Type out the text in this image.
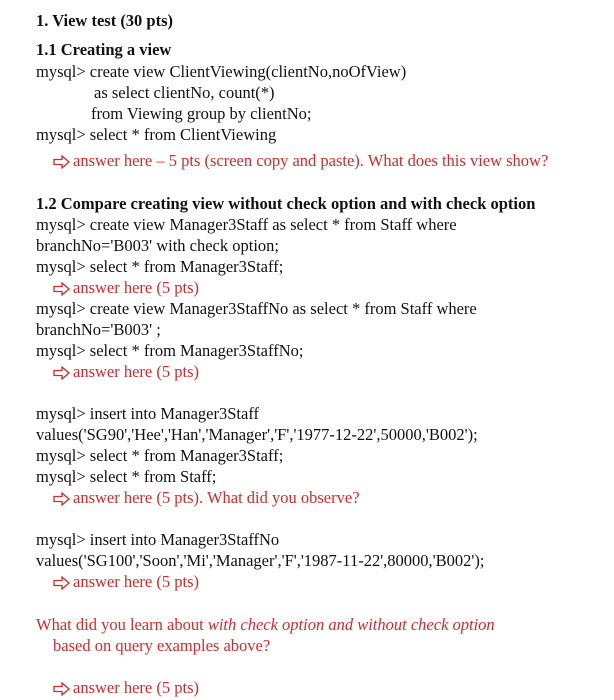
1. View test (30 pts)
1.1 Creating a view
mysql> create view ClientViewing(clientNo,noOfView)
as select clientNo, count(*)
from Viewing group by clientNo;
mysql> select * from ClientViewing
answer here – 5 pts (screen copy and paste). What does this view show?
1.2 Compare creating view without check option and with check option
mysql> create view Manager3Staff as select * from Staff where
branchNo='B003' with check option;
mysql> select * from Manager3Staff;
answer here (5 pts)
mysql> create view Manager3StaffNo as select * from Staff where
branchNo='B003' ;
mysql> select * from Manager3StaffNo;
answer here (5 pts)
mysql> insert into Manager3Staff
values('SG90','Hee','Han','Manager','F','1977-12-22',50000,'B002');
mysql> select * from Manager3Staff;
mysql> select * from Staff;
answer here (5 pts). What did you observe?
mysql> insert into Manager3StaffNo
values('SG100','Soon','Mi','Manager','F','1987-11-22',80000,'B002');
answer here (5 pts)
What did you learn about with check option and without check option
based on query examples above?
answer here (5 pts)
